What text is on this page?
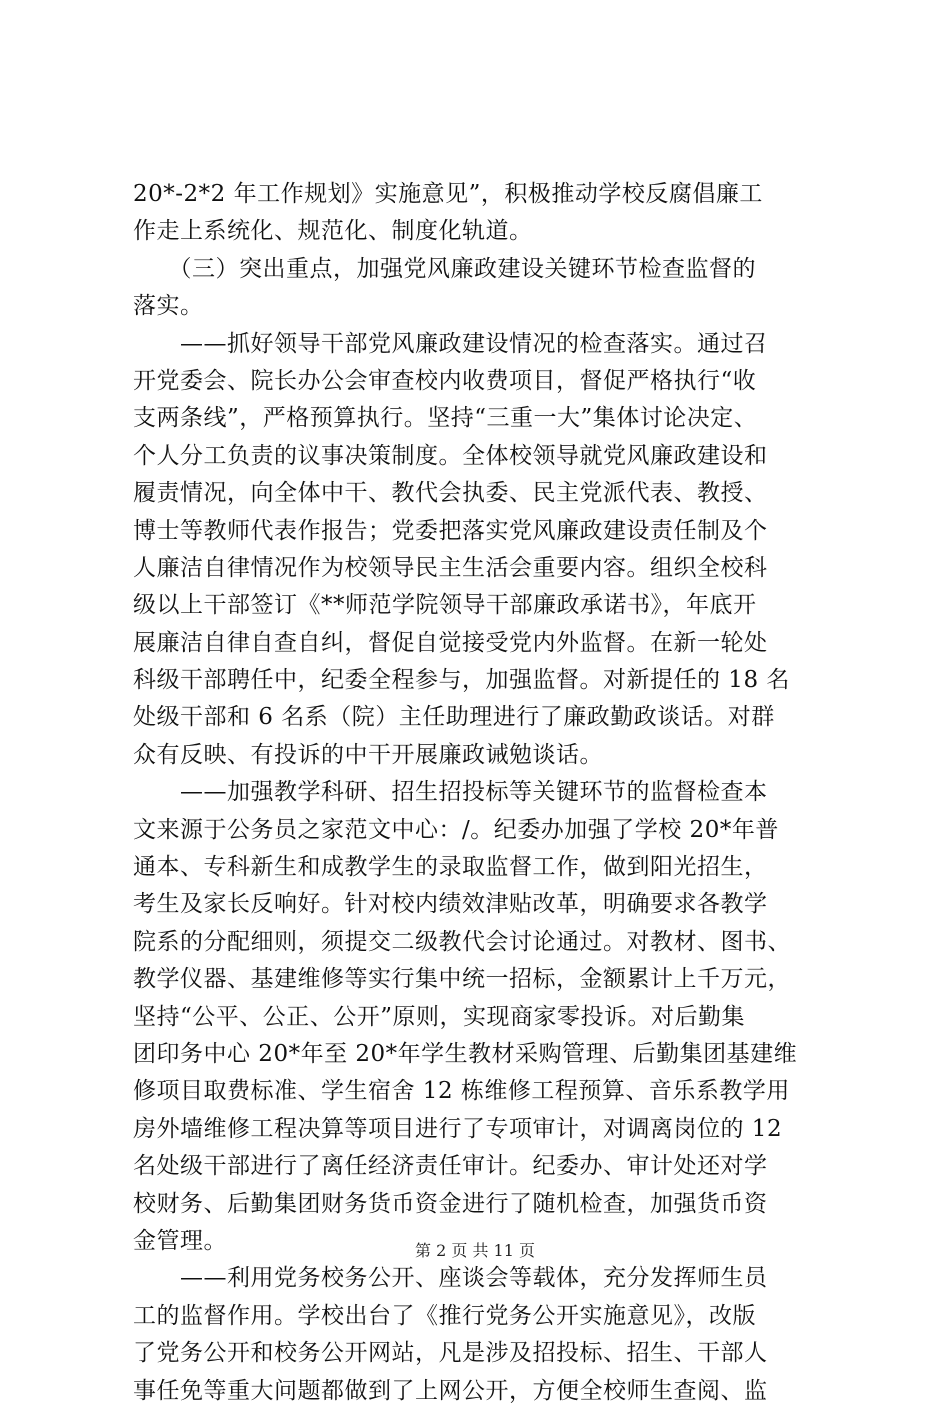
20*-2*2 年工作规划》实施意见”，积极推动学校反腐倡廉工
作走上系统化、规范化、制度化轨道。
　　（三）突出重点，加强党风廉政建设关键环节检查监督的
落实。
　　——抓好领导干部党风廉政建设情况的检查落实。通过召
开党委会、院长办公会审查校内收费项目，督促严格执行“收
支两条线”，严格预算执行。坚持“三重一大”集体讨论决定、
个人分工负责的议事决策制度。全体校领导就党风廉政建设和
履责情况，向全体中干、教代会执委、民主党派代表、教授、
博士等教师代表作报告；党委把落实党风廉政建设责任制及个
人廉洁自律情况作为校领导民主生活会重要内容。组织全校科
级以上干部签订《**师范学院领导干部廉政承诺书》，年底开
展廉洁自律自查自纠，督促自觉接受党内外监督。在新一轮处
科级干部聘任中，纪委全程参与，加强监督。对新提任的 18 名
处级干部和 6 名系（院）主任助理进行了廉政勤政谈话。对群
众有反映、有投诉的中干开展廉政诫勉谈话。
　　——加强教学科研、招生招投标等关键环节的监督检查本
文来源于公务员之家范文中心：/。纪委办加强了学校 20*年普
通本、专科新生和成教学生的录取监督工作，做到阳光招生，
考生及家长反响好。针对校内绩效津贴改革，明确要求各教学
院系的分配细则，须提交二级教代会讨论通过。对教材、图书、
教学仪器、基建维修等实行集中统一招标，金额累计上千万元，
坚持“公平、公正、公开”原则，实现商家零投诉。对后勤集
团印务中心 20*年至 20*年学生教材采购管理、后勤集团基建维
修项目取费标准、学生宿舍 12 栋维修工程预算、音乐系教学用
房外墙维修工程决算等项目进行了专项审计，对调离岗位的 12
名处级干部进行了离任经济责任审计。纪委办、审计处还对学
校财务、后勤集团财务货币资金进行了随机检查，加强货币资
金管理。
　　——利用党务校务公开、座谈会等载体，充分发挥师生员
工的监督作用。学校出台了《推行党务公开实施意见》，改版
了党务公开和校务公开网站，凡是涉及招投标、招生、干部人
事任免等重大问题都做到了上网公开，方便全校师生查阅、监
第 2 页 共 11 页
